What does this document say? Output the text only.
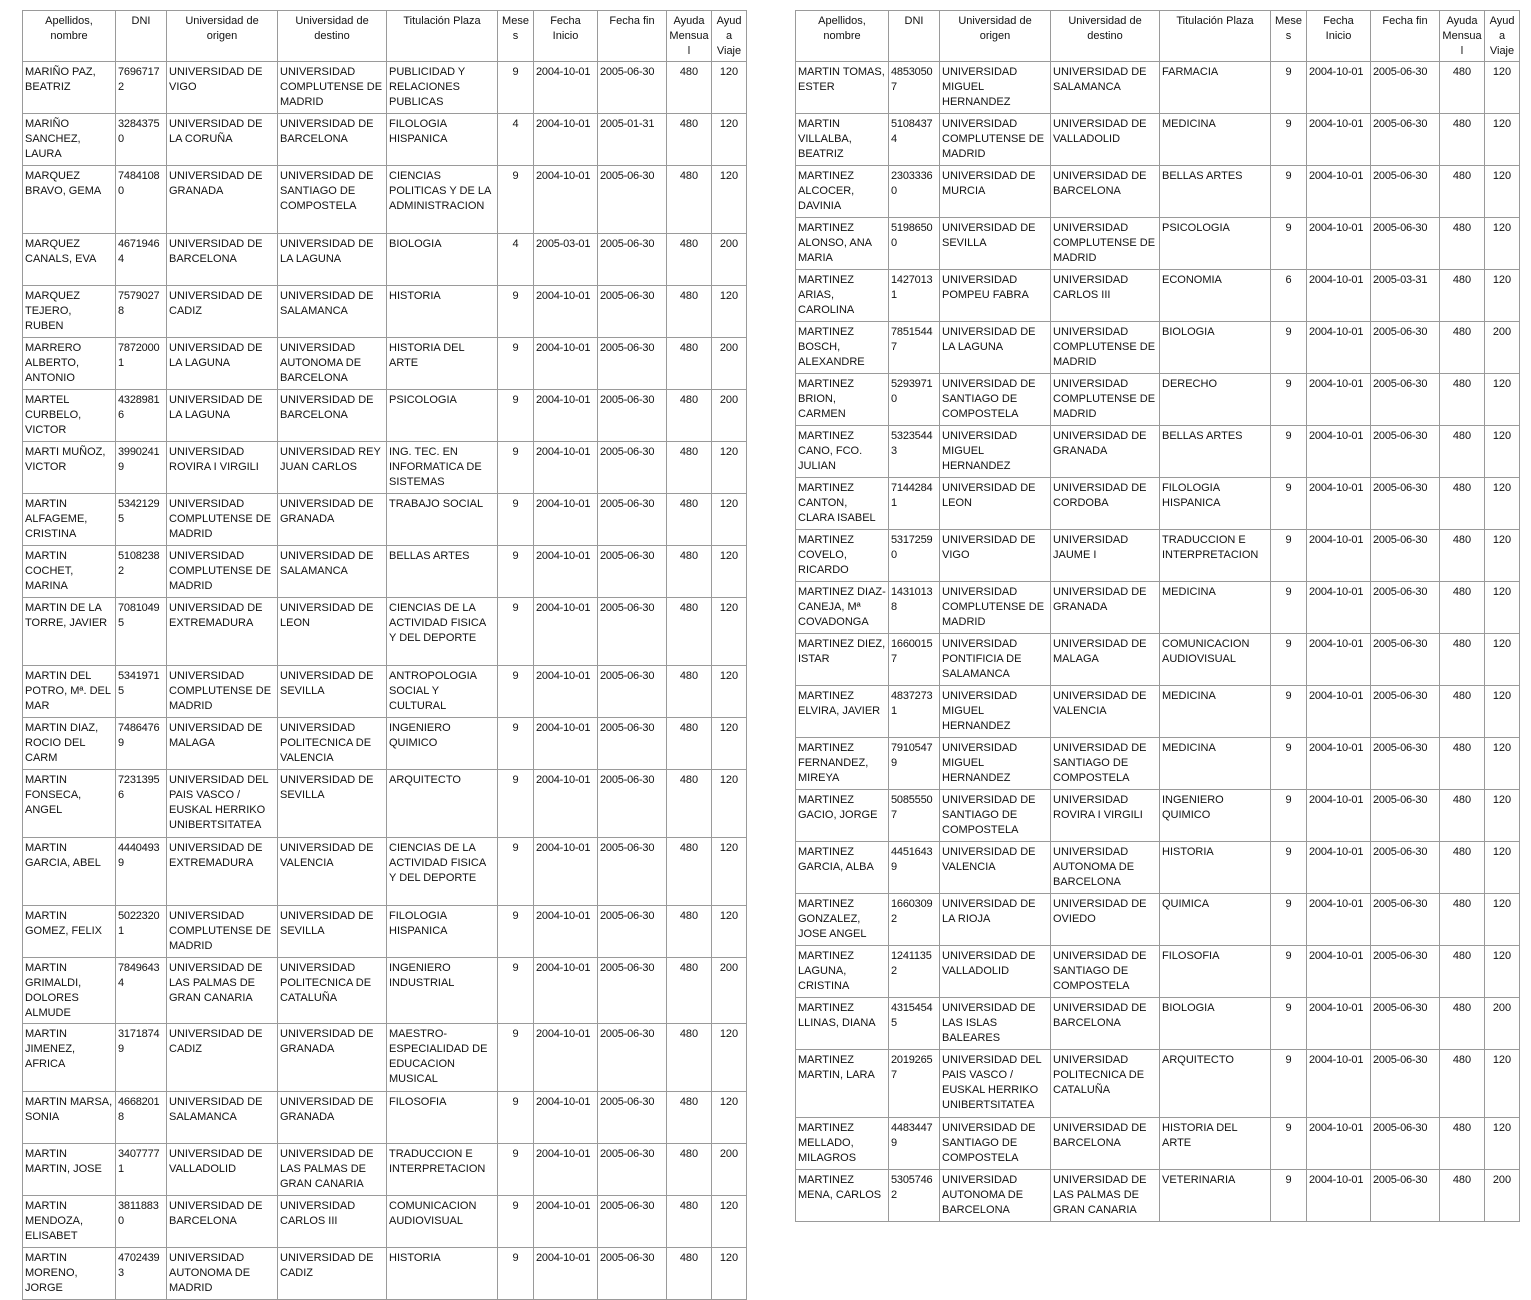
Apellidos, nombre	DNI	Universidad de origen	Universidad de destino	Titulación Plaza	Meses	Fecha Inicio	Fecha fin	Ayuda Mensual	Ayuda Viaje
MARIÑO PAZ, BEATRIZ	76967172	UNIVERSIDAD DE VIGO	UNIVERSIDAD COMPLUTENSE DE MADRID	PUBLICIDAD Y RELACIONES PUBLICAS	9	2004-10-01	2005-06-30	480	120
MARIÑO SANCHEZ, LAURA	32843750	UNIVERSIDAD DE LA CORUÑA	UNIVERSIDAD DE BARCELONA	FILOLOGIA HISPANICA	4	2004-10-01	2005-01-31	480	120
MARQUEZ BRAVO, GEMA	74841080	UNIVERSIDAD DE GRANADA	UNIVERSIDAD DE SANTIAGO DE COMPOSTELA	CIENCIAS POLITICAS Y DE LA ADMINISTRACION	9	2004-10-01	2005-06-30	480	120
MARQUEZ CANALS, EVA	46719464	UNIVERSIDAD DE BARCELONA	UNIVERSIDAD DE LA LAGUNA	BIOLOGIA	4	2005-03-01	2005-06-30	480	200
MARQUEZ TEJERO, RUBEN	75790278	UNIVERSIDAD DE CADIZ	UNIVERSIDAD DE SALAMANCA	HISTORIA	9	2004-10-01	2005-06-30	480	120
MARRERO ALBERTO, ANTONIO	78720001	UNIVERSIDAD DE LA LAGUNA	UNIVERSIDAD AUTONOMA DE BARCELONA	HISTORIA DEL ARTE	9	2004-10-01	2005-06-30	480	200
MARTEL CURBELO, VICTOR	43289816	UNIVERSIDAD DE LA LAGUNA	UNIVERSIDAD DE BARCELONA	PSICOLOGIA	9	2004-10-01	2005-06-30	480	200
MARTI MUÑOZ, VICTOR	39902419	UNIVERSIDAD ROVIRA I VIRGILI	UNIVERSIDAD REY JUAN CARLOS	ING. TEC. EN INFORMATICA DE SISTEMAS	9	2004-10-01	2005-06-30	480	120
MARTIN ALFAGEME, CRISTINA	53421295	UNIVERSIDAD COMPLUTENSE DE MADRID	UNIVERSIDAD DE GRANADA	TRABAJO SOCIAL	9	2004-10-01	2005-06-30	480	120
MARTIN COCHET, MARINA	51082382	UNIVERSIDAD COMPLUTENSE DE MADRID	UNIVERSIDAD DE SALAMANCA	BELLAS ARTES	9	2004-10-01	2005-06-30	480	120
MARTIN DE LA TORRE, JAVIER	70810495	UNIVERSIDAD DE EXTREMADURA	UNIVERSIDAD DE LEON	CIENCIAS DE LA ACTIVIDAD FISICA Y DEL DEPORTE	9	2004-10-01	2005-06-30	480	120
MARTIN DEL POTRO, Mª. DEL MAR	53419715	UNIVERSIDAD COMPLUTENSE DE MADRID	UNIVERSIDAD DE SEVILLA	ANTROPOLOGIA SOCIAL Y CULTURAL	9	2004-10-01	2005-06-30	480	120
MARTIN DIAZ, ROCIO DEL CARM	74864769	UNIVERSIDAD DE MALAGA	UNIVERSIDAD POLITECNICA DE VALENCIA	INGENIERO QUIMICO	9	2004-10-01	2005-06-30	480	120
MARTIN FONSECA, ANGEL	72313956	UNIVERSIDAD DEL PAIS VASCO / EUSKAL HERRIKO UNIBERTSITATEA	UNIVERSIDAD DE SEVILLA	ARQUITECTO	9	2004-10-01	2005-06-30	480	120
MARTIN GARCIA, ABEL	44404939	UNIVERSIDAD DE EXTREMADURA	UNIVERSIDAD DE VALENCIA	CIENCIAS DE LA ACTIVIDAD FISICA Y DEL DEPORTE	9	2004-10-01	2005-06-30	480	120
MARTIN GOMEZ, FELIX	50223201	UNIVERSIDAD COMPLUTENSE DE MADRID	UNIVERSIDAD DE SEVILLA	FILOLOGIA HISPANICA	9	2004-10-01	2005-06-30	480	120
MARTIN GRIMALDI, DOLORES ALMUDE	78496434	UNIVERSIDAD DE LAS PALMAS DE GRAN CANARIA	UNIVERSIDAD POLITECNICA DE CATALUÑA	INGENIERO INDUSTRIAL	9	2004-10-01	2005-06-30	480	200
MARTIN JIMENEZ, AFRICA	31718749	UNIVERSIDAD DE CADIZ	UNIVERSIDAD DE GRANADA	MAESTRO-ESPECIALIDAD DE EDUCACION MUSICAL	9	2004-10-01	2005-06-30	480	120
MARTIN MARSA, SONIA	46682018	UNIVERSIDAD DE SALAMANCA	UNIVERSIDAD DE GRANADA	FILOSOFIA	9	2004-10-01	2005-06-30	480	120
MARTIN MARTIN, JOSE	34077771	UNIVERSIDAD DE VALLADOLID	UNIVERSIDAD DE LAS PALMAS DE GRAN CANARIA	TRADUCCION E INTERPRETACION	9	2004-10-01	2005-06-30	480	200
MARTIN MENDOZA, ELISABET	38118830	UNIVERSIDAD DE BARCELONA	UNIVERSIDAD CARLOS III	COMUNICACION AUDIOVISUAL	9	2004-10-01	2005-06-30	480	120
MARTIN MORENO, JORGE	47024393	UNIVERSIDAD AUTONOMA DE MADRID	UNIVERSIDAD DE CADIZ	HISTORIA	9	2004-10-01	2005-06-30	480	120
Apellidos, nombre	DNI	Universidad de origen	Universidad de destino	Titulación Plaza	Meses	Fecha Inicio	Fecha fin	Ayuda Mensual	Ayuda Viaje
MARTIN TOMAS, ESTER	48530507	UNIVERSIDAD MIGUEL HERNANDEZ	UNIVERSIDAD DE SALAMANCA	FARMACIA	9	2004-10-01	2005-06-30	480	120
MARTIN VILLALBA, BEATRIZ	51084374	UNIVERSIDAD COMPLUTENSE DE MADRID	UNIVERSIDAD DE VALLADOLID	MEDICINA	9	2004-10-01	2005-06-30	480	120
MARTINEZ ALCOCER, DAVINIA	23033360	UNIVERSIDAD DE MURCIA	UNIVERSIDAD DE BARCELONA	BELLAS ARTES	9	2004-10-01	2005-06-30	480	120
MARTINEZ ALONSO, ANA MARIA	51986500	UNIVERSIDAD DE SEVILLA	UNIVERSIDAD COMPLUTENSE DE MADRID	PSICOLOGIA	9	2004-10-01	2005-06-30	480	120
MARTINEZ ARIAS, CAROLINA	14270131	UNIVERSIDAD POMPEU FABRA	UNIVERSIDAD CARLOS III	ECONOMIA	6	2004-10-01	2005-03-31	480	120
MARTINEZ BOSCH, ALEXANDRE	78515447	UNIVERSIDAD DE LA LAGUNA	UNIVERSIDAD COMPLUTENSE DE MADRID	BIOLOGIA	9	2004-10-01	2005-06-30	480	200
MARTINEZ BRION, CARMEN	52939710	UNIVERSIDAD DE SANTIAGO DE COMPOSTELA	UNIVERSIDAD COMPLUTENSE DE MADRID	DERECHO	9	2004-10-01	2005-06-30	480	120
MARTINEZ CANO, FCO. JULIAN	53235443	UNIVERSIDAD MIGUEL HERNANDEZ	UNIVERSIDAD DE GRANADA	BELLAS ARTES	9	2004-10-01	2005-06-30	480	120
MARTINEZ CANTON, CLARA ISABEL	71442841	UNIVERSIDAD DE LEON	UNIVERSIDAD DE CORDOBA	FILOLOGIA HISPANICA	9	2004-10-01	2005-06-30	480	120
MARTINEZ COVELO, RICARDO	53172590	UNIVERSIDAD DE VIGO	UNIVERSIDAD JAUME I	TRADUCCION E INTERPRETACION	9	2004-10-01	2005-06-30	480	120
MARTINEZ DIAZ-CANEJA, Mª COVADONGA	14310138	UNIVERSIDAD COMPLUTENSE DE MADRID	UNIVERSIDAD DE GRANADA	MEDICINA	9	2004-10-01	2005-06-30	480	120
MARTINEZ DIEZ, ISTAR	16600157	UNIVERSIDAD PONTIFICIA DE SALAMANCA	UNIVERSIDAD DE MALAGA	COMUNICACION AUDIOVISUAL	9	2004-10-01	2005-06-30	480	120
MARTINEZ ELVIRA, JAVIER	48372731	UNIVERSIDAD MIGUEL HERNANDEZ	UNIVERSIDAD DE VALENCIA	MEDICINA	9	2004-10-01	2005-06-30	480	120
MARTINEZ FERNANDEZ, MIREYA	79105479	UNIVERSIDAD MIGUEL HERNANDEZ	UNIVERSIDAD DE SANTIAGO DE COMPOSTELA	MEDICINA	9	2004-10-01	2005-06-30	480	120
MARTINEZ GACIO, JORGE	50855507	UNIVERSIDAD DE SANTIAGO DE COMPOSTELA	UNIVERSIDAD ROVIRA I VIRGILI	INGENIERO QUIMICO	9	2004-10-01	2005-06-30	480	120
MARTINEZ GARCIA, ALBA	44516439	UNIVERSIDAD DE VALENCIA	UNIVERSIDAD AUTONOMA DE BARCELONA	HISTORIA	9	2004-10-01	2005-06-30	480	120
MARTINEZ GONZALEZ, JOSE ANGEL	16603092	UNIVERSIDAD DE LA RIOJA	UNIVERSIDAD DE OVIEDO	QUIMICA	9	2004-10-01	2005-06-30	480	120
MARTINEZ LAGUNA, CRISTINA	12411352	UNIVERSIDAD DE VALLADOLID	UNIVERSIDAD DE SANTIAGO DE COMPOSTELA	FILOSOFIA	9	2004-10-01	2005-06-30	480	120
MARTINEZ LLINAS, DIANA	43154545	UNIVERSIDAD DE LAS ISLAS BALEARES	UNIVERSIDAD DE BARCELONA	BIOLOGIA	9	2004-10-01	2005-06-30	480	200
MARTINEZ MARTIN, LARA	20192657	UNIVERSIDAD DEL PAIS VASCO / EUSKAL HERRIKO UNIBERTSITATEA	UNIVERSIDAD POLITECNICA DE CATALUÑA	ARQUITECTO	9	2004-10-01	2005-06-30	480	120
MARTINEZ MELLADO, MILAGROS	44834479	UNIVERSIDAD DE SANTIAGO DE COMPOSTELA	UNIVERSIDAD DE BARCELONA	HISTORIA DEL ARTE	9	2004-10-01	2005-06-30	480	120
MARTINEZ MENA, CARLOS	53057462	UNIVERSIDAD AUTONOMA DE BARCELONA	UNIVERSIDAD DE LAS PALMAS DE GRAN CANARIA	VETERINARIA	9	2004-10-01	2005-06-30	480	200
